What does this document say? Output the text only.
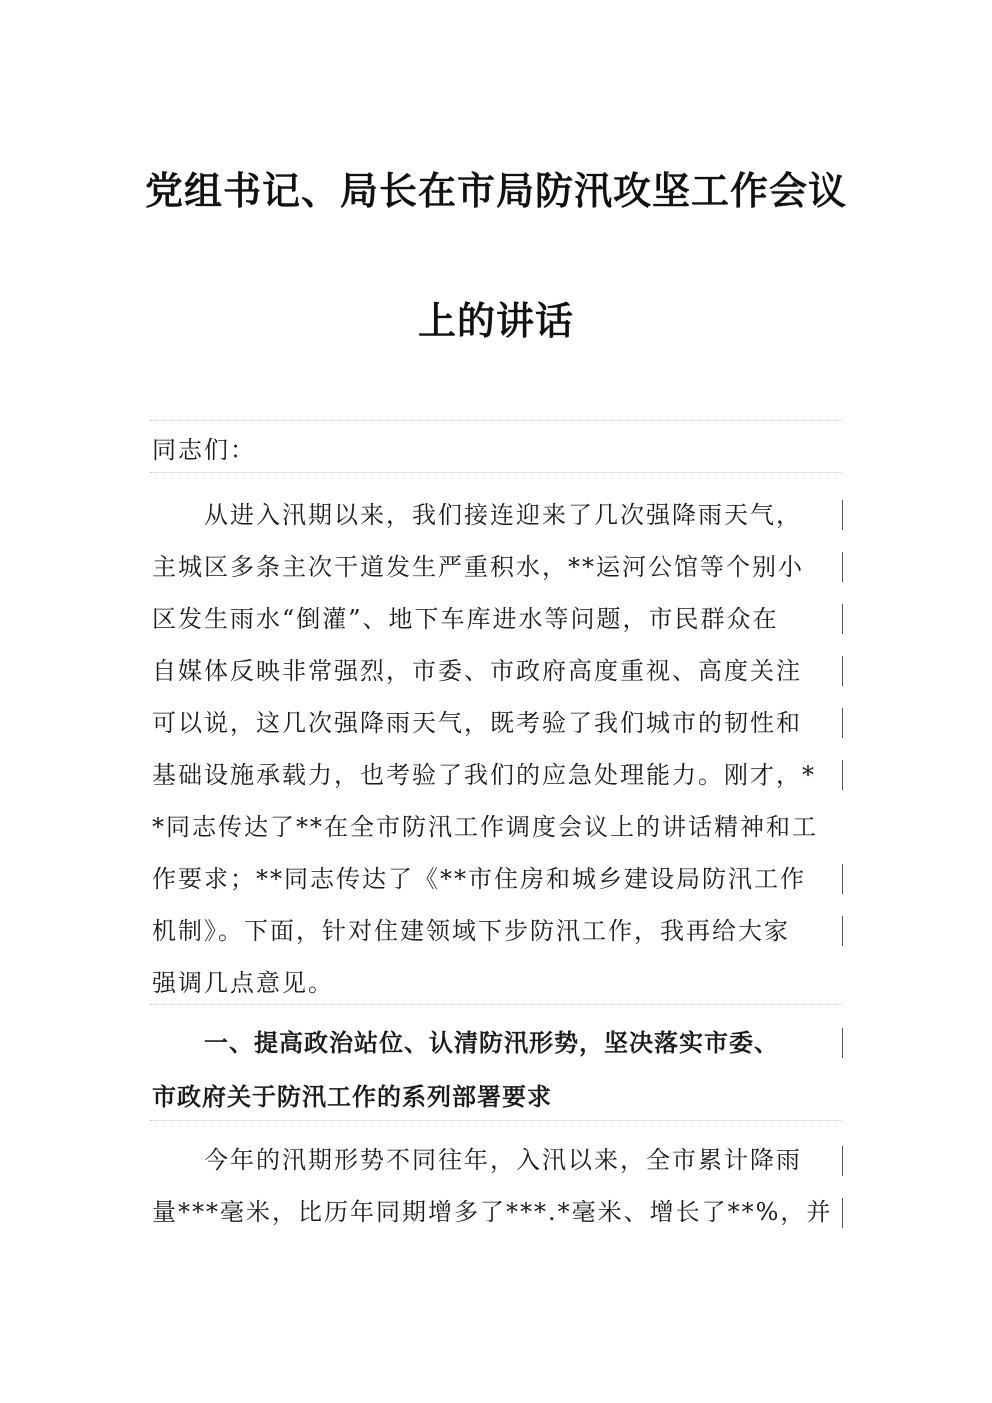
党组书记、局长在市局防汛攻坚工作会议
上的讲话
同志们：
从进入汛期以来，我们接连迎来了几次强降雨天气，
主城区多条主次干道发生严重积水，**运河公馆等个别小
区发生雨水“倒灌”、地下车库进水等问题，市民群众在
自媒体反映非常强烈，市委、市政府高度重视、高度关注
可以说，这几次强降雨天气，既考验了我们城市的韧性和
基础设施承载力，也考验了我们的应急处理能力。刚才，*
*同志传达了**在全市防汛工作调度会议上的讲话精神和工
作要求；**同志传达了《**市住房和城乡建设局防汛工作
机制》。下面，针对住建领域下步防汛工作，我再给大家
强调几点意见。
一、提高政治站位、认清防汛形势，坚决落实市委、
市政府关于防汛工作的系列部署要求
今年的汛期形势不同往年，入汛以来，全市累计降雨
量***毫米，比历年同期增多了***.*毫米、增长了**%，并
